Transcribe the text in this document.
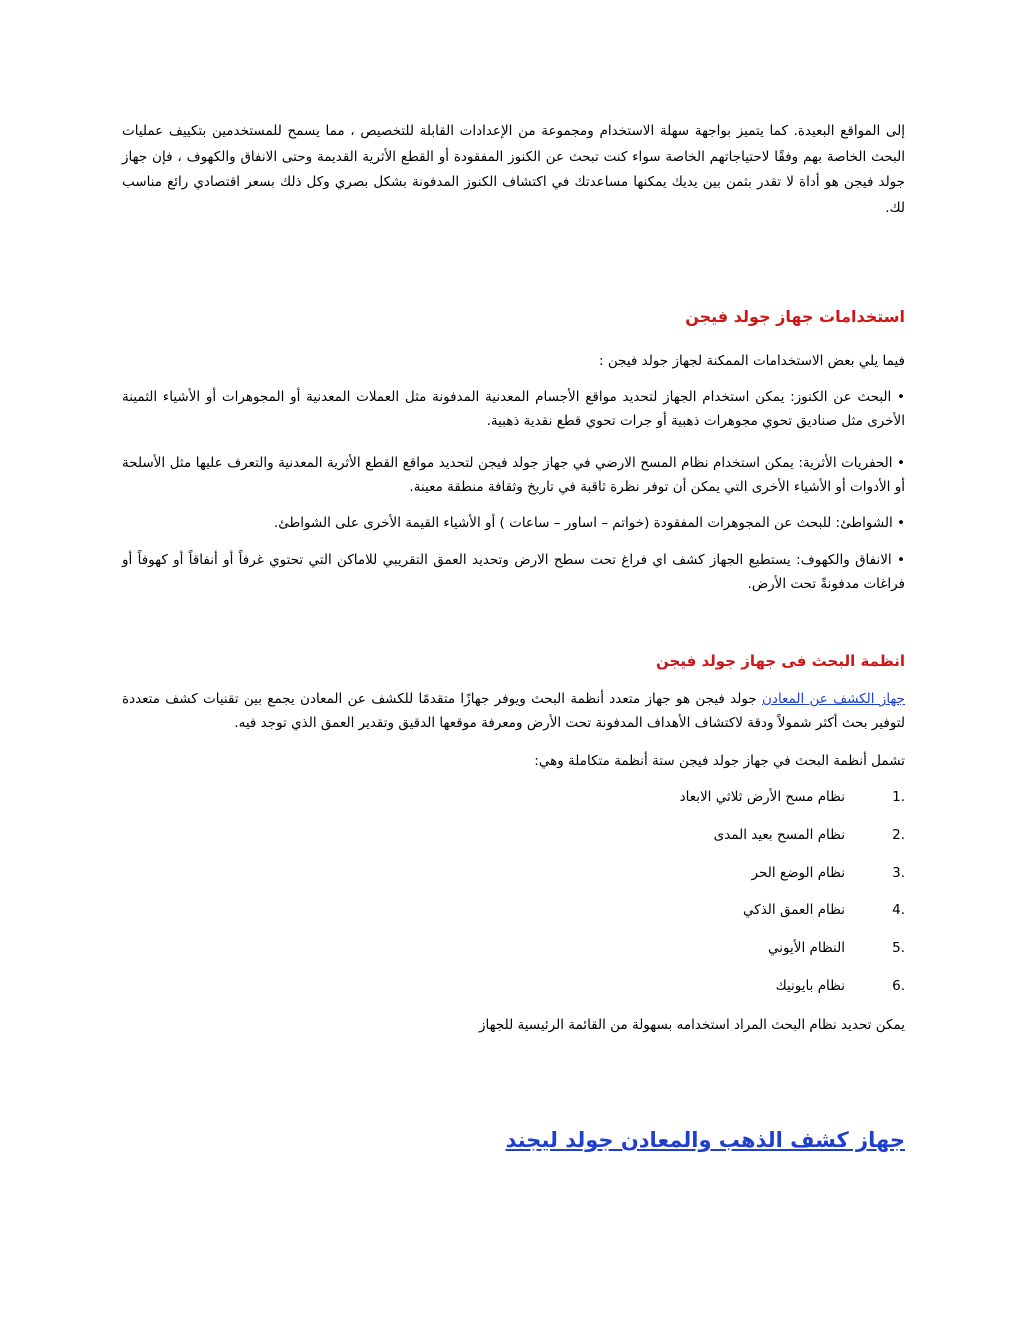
إلى المواقع البعيدة. كما يتميز بواجهة سهلة الاستخدام ومجموعة من الإعدادات القابلة للتخصيص ، مما يسمح للمستخدمين بتكييف عمليات البحث الخاصة بهم وفقًا لاحتياجاتهم الخاصة سواء كنت تبحث عن الكنوز المفقودة أو القطع الأثرية القديمة وحتى الانفاق والكهوف ، فإن جهاز جولد فيجن هو أداة لا تقدر بثمن بين يديك يمكنها مساعدتك في اكتشاف الكنوز المدفونة بشكل بصري وكل ذلك بسعر اقتصادي رائع مناسب لك.
استخدامات جهاز جولد فيجن
فيما يلي بعض الاستخدامات الممكنة لجهاز جولد فيجن :
• البحث عن الكنوز: يمكن استخدام الجهاز لتحديد مواقع الأجسام المعدنية المدفونة مثل العملات المعدنية أو المجوهرات أو الأشياء الثمينة الأخرى مثل صناديق تحوي مجوهرات ذهبية أو جرات تحوي قطع نقدية ذهبية.
• الحفريات الأثرية: يمكن استخدام نظام المسح الارضي في جهاز جولد فيجن لتحديد مواقع القطع الأثرية المعدنية والتعرف عليها مثل الأسلحة أو الأدوات أو الأشياء الأخرى التي يمكن أن توفر نظرة ثاقبة في تاريخ وثقافة منطقة معينة.
• الشواطئ: للبحث عن المجوهرات المفقودة (خواتم – اساور – ساعات ) أو الأشياء القيمة الأخرى على الشواطئ.
• الانفاق والكهوف: يستطيع الجهاز كشف اي فراغ تحت سطح الارض وتحديد العمق التقريبي للاماكن التي تحتوي غرفاً أو أنفاقاً أو كهوفاً أو فراغات مدفونةً تحت الأرض.
انظمة البحث فى جهاز جولد فيجن
جهاز الكشف عن المعادن جولد فيجن هو جهاز متعدد أنظمة البحث ويوفر جهازًا متقدمًا للكشف عن المعادن يجمع بين تقنيات كشف متعددة لتوفير بحث أكثر شمولاً ودقة لاكتشاف الأهداف المدفونة تحت الأرض ومعرفة موقعها الدقيق وتقدير العمق الذي توجد فيه.
تشمل أنظمة البحث في جهاز جولد فيجن ستة أنظمة متكاملة وهي:
1.
نظام مسح الأرض ثلاثي الابعاد
2.
نظام المسح بعيد المدى
3.
نظام الوضع الحر
4.
نظام العمق الذكي
5.
النظام الأيوني
6.
نظام بايونيك
يمكن تحديد نظام البحث المراد استخدامه بسهولة من القائمة الرئيسية للجهاز
جهاز كشف الذهب والمعادن جولد ليجند
